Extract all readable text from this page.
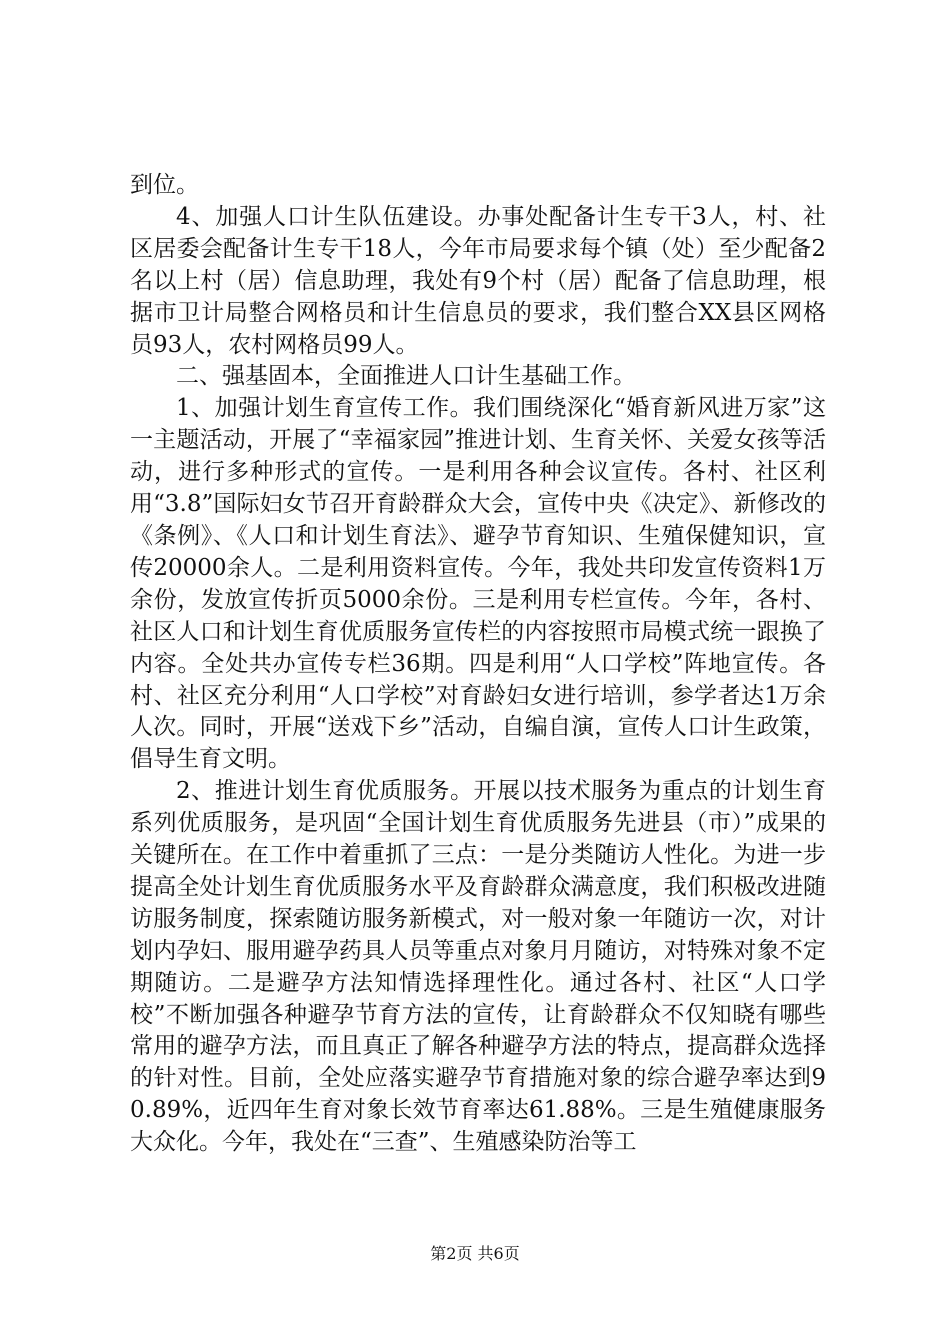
到位。

4、加强人口计生队伍建设。办事处配备计生专干3人，村、社区居委会配备计生专干18人，今年市局要求每个镇（处）至少配备2名以上村（居）信息助理，我处有9个村（居）配备了信息助理，根据市卫计局整合网格员和计生信息员的要求，我们整合XX县区网格员93人，农村网格员99人。

二、强基固本，全面推进人口计生基础工作。

1、加强计划生育宣传工作。我们围绕深化“婚育新风进万家”这一主题活动，开展了“幸福家园”推进计划、生育关怀、关爱女孩等活动，进行多种形式的宣传。一是利用各种会议宣传。各村、社区利用“3.8”国际妇女节召开育龄群众大会，宣传中央《决定》、新修改的《条例》、《人口和计划生育法》、避孕节育知识、生殖保健知识，宣传20000余人。二是利用资料宣传。今年，我处共印发宣传资料1万余份，发放宣传折页5000余份。三是利用专栏宣传。今年，各村、社区人口和计划生育优质服务宣传栏的内容按照市局模式统一跟换了内容。全处共办宣传专栏36期。四是利用“人口学校”阵地宣传。各村、社区充分利用“人口学校”对育龄妇女进行培训，参学者达1万余人次。同时，开展“送戏下乡”活动，自编自演，宣传人口计生政策，倡导生育文明。

2、推进计划生育优质服务。开展以技术服务为重点的计划生育系列优质服务，是巩固“全国计划生育优质服务先进县（市）”成果的关键所在。在工作中着重抓了三点：一是分类随访人性化。为进一步提高全处计划生育优质服务水平及育龄群众满意度，我们积极改进随访服务制度，探索随访服务新模式，对一般对象一年随访一次，对计划内孕妇、服用避孕药具人员等重点对象月月随访，对特殊对象不定期随访。二是避孕方法知情选择理性化。通过各村、社区“人口学校”不断加强各种避孕节育方法的宣传，让育龄群众不仅知晓有哪些常用的避孕方法，而且真正了解各种避孕方法的特点，提高群众选择的针对性。目前，全处应落实避孕节育措施对象的综合避孕率达到90.89%，近四年生育对象长效节育率达61.88%。三是生殖健康服务大众化。今年，我处在“三查”、生殖感染防治等工

第2页 共6页
